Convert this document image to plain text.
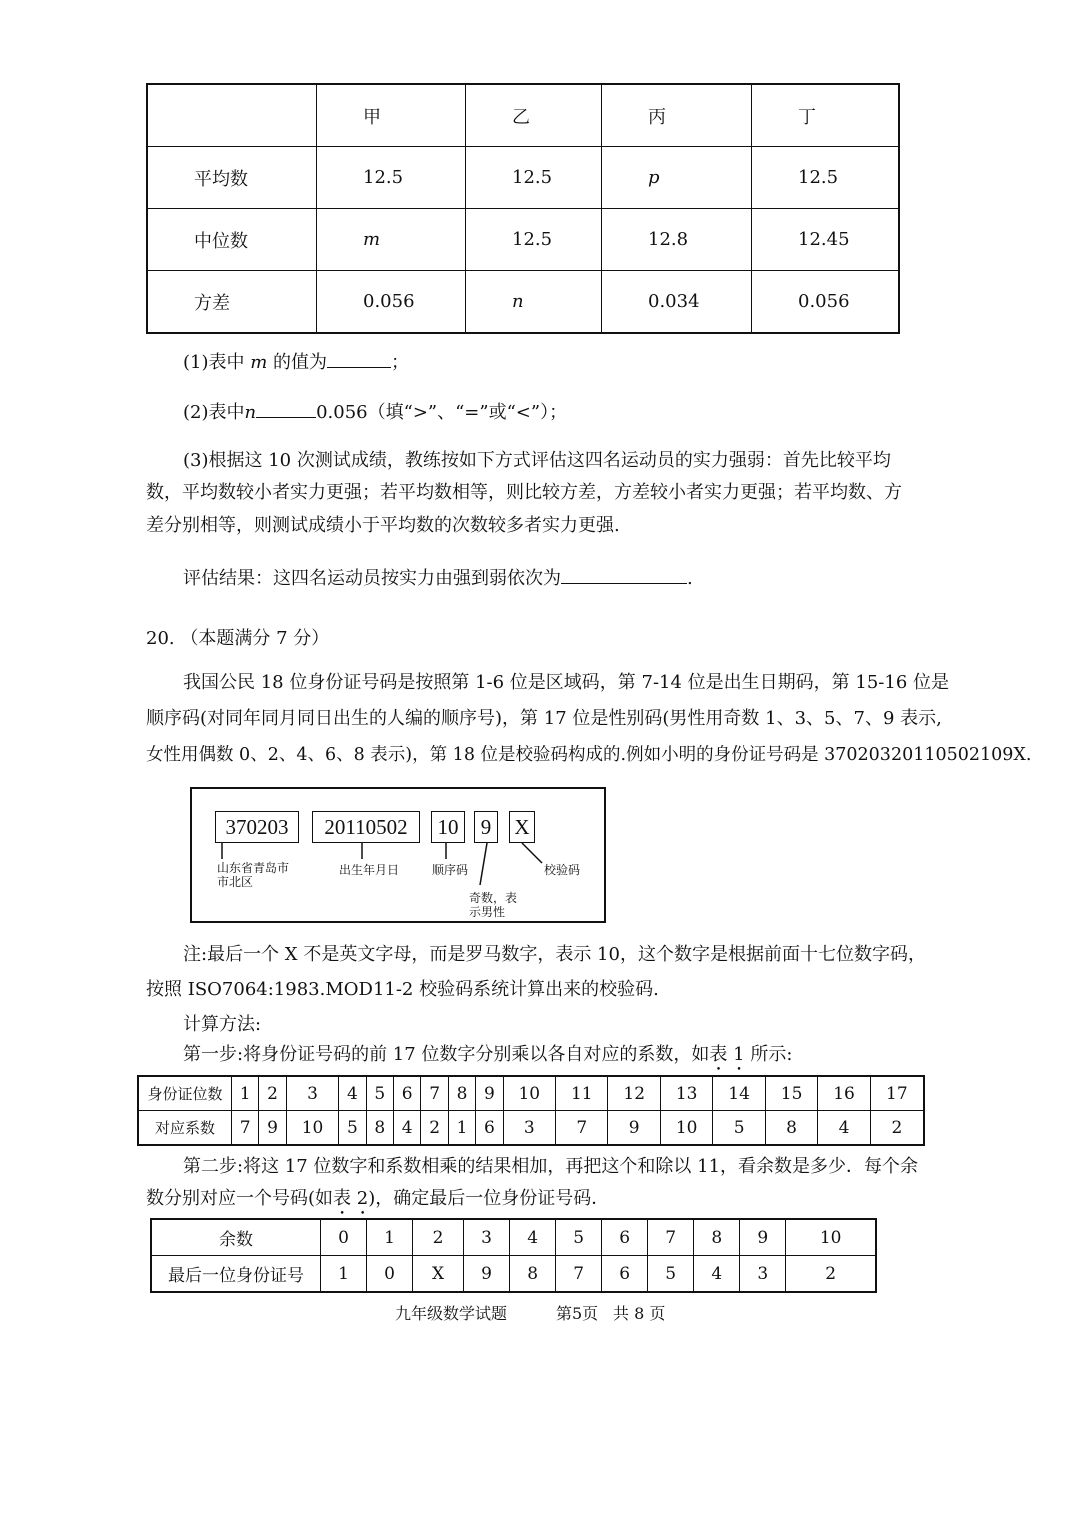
	甲	乙	丙	丁
平均数	12.5	12.5	p	12.5
中位数	m	12.5	12.8	12.45
方差	0.056	n	0.034	0.056
(1)表中 m 的值为	；
(2)表中n	0.056（填“>”、“=”或“<”）；
(3)根据这 10 次测试成绩，教练按如下方式评估这四名运动员的实力强弱：首先比较平均
数，平均数较小者实力更强；若平均数相等，则比较方差，方差较小者实力更强；若平均数、方
差分别相等，则测试成绩小于平均数的次数较多者实力更强.
评估结果：这四名运动员按实力由强到弱依次为	.
20. （本题满分 7 分）
我国公民 18 位身份证号码是按照第 1-6 位是区域码，第 7-14 位是出生日期码，第 15-16 位是
顺序码(对同年同月同日出生的人编的顺序号)，第 17 位是性别码(男性用奇数 1、3、5、7、9 表示,
女性用偶数 0、2、4、6、8 表示)，第 18 位是校验码构成的.例如小明的身份证号码是 37020320110502109X.
370203	20110502	10	9	X
山东省青岛市
市北区
出生年月日	顺序码
奇数，表
示男性
校验码
注:最后一个 X 不是英文字母，而是罗马数字，表示 10，这个数字是根据前面十七位数字码，
按照 ISO7064:1983.MOD11-2 校验码系统计算出来的校验码.
计算方法:
第一步:将身份证号码的前 17 位数字分别乘以各自对应的系数，如表 1 所示:
身份证位数	1	2	3	4	5	6	7	8	9	10	11	12	13	14	15	16	17
对应系数	7	9	10	5	8	4	2	1	6	3	7	9	10	5	8	4	2
第二步:将这 17 位数字和系数相乘的结果相加，再把这个和除以 11，看余数是多少．每个余
数分别对应一个号码(如表 2)，确定最后一位身份证号码．
余数	0	1	2	3	4	5	6	7	8	9	10
最后一位身份证号	1	0	X	9	8	7	6	5	4	3	2
九年级数学试题	第5页 共 8 页
